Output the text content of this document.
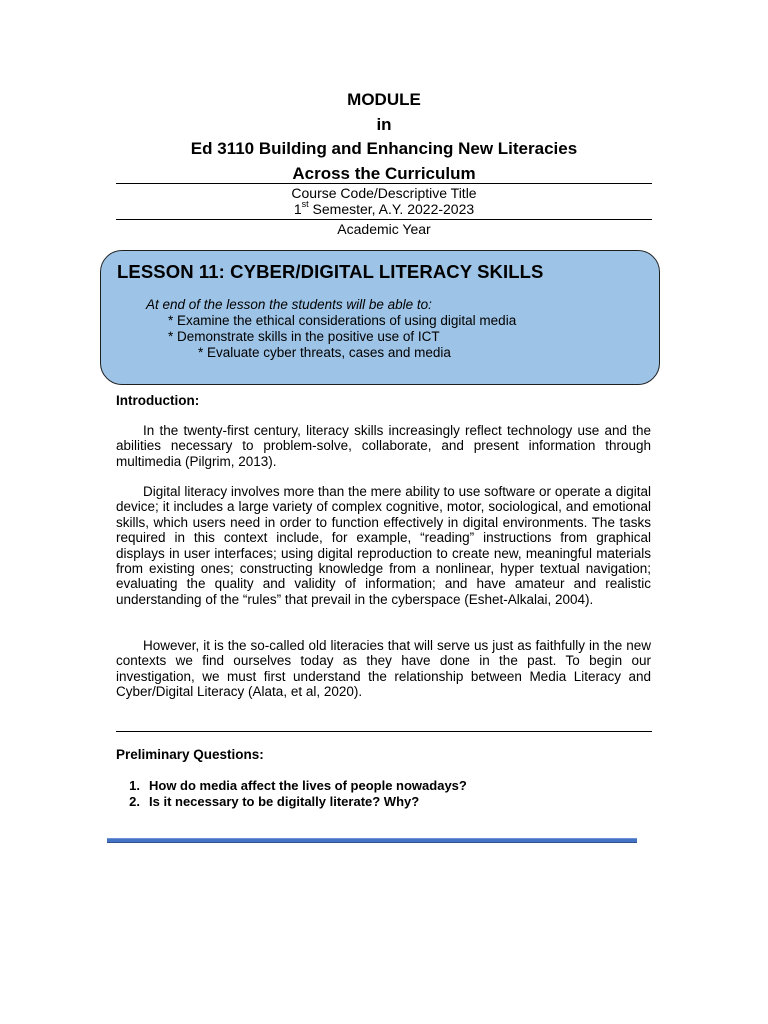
MODULE
in
Ed 3110 Building and Enhancing New Literacies
Across the Curriculum
Course Code/Descriptive Title
1st Semester, A.Y. 2022-2023
Academic Year
LESSON 11: CYBER/DIGITAL LITERACY SKILLS
At end of the lesson the students will be able to:
* Examine the ethical considerations of using digital media
* Demonstrate skills in the positive use of ICT
* Evaluate cyber threats, cases and media
Introduction:

In the twenty-first century, literacy skills increasingly reflect technology use and the abilities necessary to problem-solve, collaborate, and present information through multimedia (Pilgrim, 2013).

Digital literacy involves more than the mere ability to use software or operate a digital device; it includes a large variety of complex cognitive, motor, sociological, and emotional skills, which users need in order to function effectively in digital environments. The tasks required in this context include, for example, “reading” instructions from graphical displays in user interfaces; using digital reproduction to create new, meaningful materials from existing ones; constructing knowledge from a nonlinear, hyper textual navigation; evaluating the quality and validity of information; and have amateur and realistic understanding of the “rules” that prevail in the cyberspace (Eshet-Alkalai, 2004).

However, it is the so-called old literacies that will serve us just as faithfully in the new contexts we find ourselves today as they have done in the past. To begin our investigation, we must first understand the relationship between Media Literacy and Cyber/Digital Literacy (Alata, et al, 2020).

Preliminary Questions:
1. How do media affect the lives of people nowadays?
2. Is it necessary to be digitally literate? Why?
